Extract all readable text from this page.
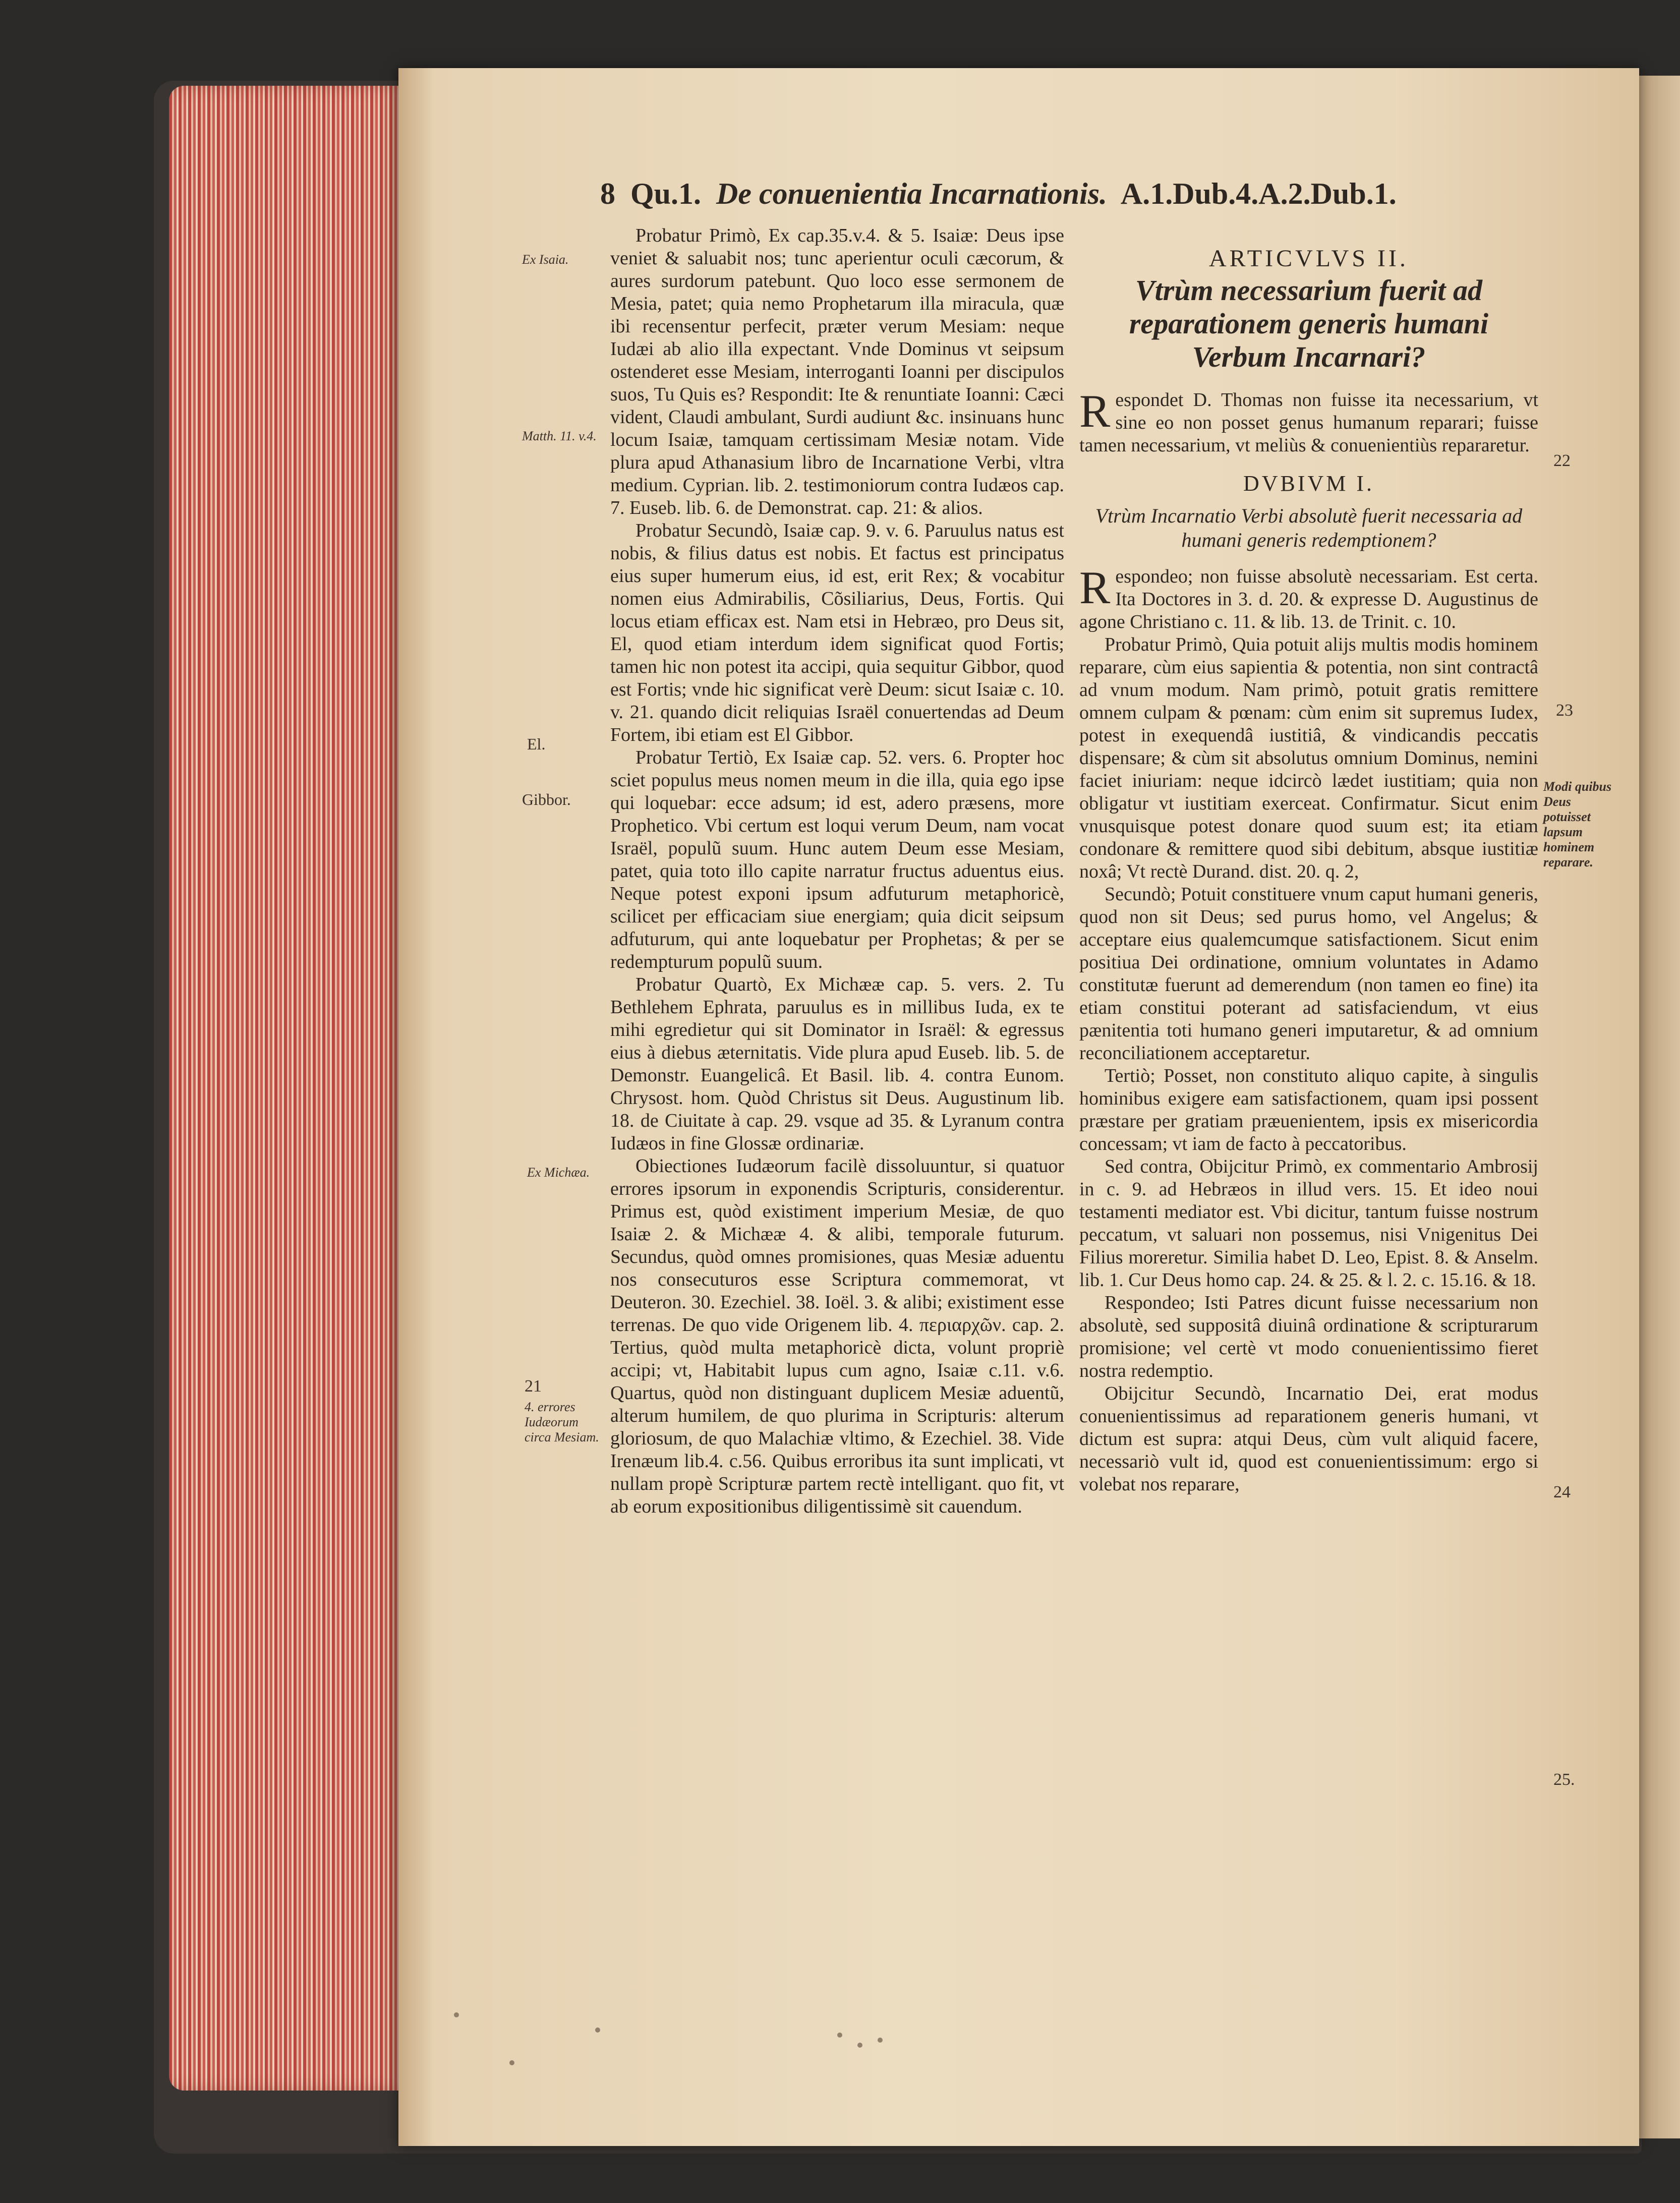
8 Qu.1. De conuenientia Incarnationis. A.1.Dub.4.A.2.Dub.1.

Probatur Primò, Ex cap.35.v.4. & 5. Isaiæ: Deus ipse veniet & saluabit nos; tunc aperientur oculi cæcorum, & aures surdorum patebunt. Quo loco esse sermonem de Mesia, patet; quia nemo Prophetarum illa miracula, quæ ibi recensentur perfecit, præter verum Mesiam: neque Iudæi ab alio illa expectant. Vnde Dominus vt seipsum ostenderet esse Mesiam, interroganti Ioanni per discipulos suos, Tu Quis es? Respondit: Ite & renuntiate Ioanni: Cæci vident, Claudi ambulant, Surdi audiunt &c. insinuans hunc locum Isaiæ, tamquam certissimam Mesiæ notam. Vide plura apud Athanasium libro de Incarnatione Verbi, vltra medium. Cyprian. lib. 2. testimoniorum contra Iudæos cap. 7. Euseb. lib. 6. de Demonstrat. cap. 21: & alios.

Probatur Secundò, Isaiæ cap. 9. v. 6. Paruulus natus est nobis, & filius datus est nobis. Et factus est principatus eius super humerum eius, id est, erit Rex; & vocabitur nomen eius Admirabilis, Cõsiliarius, Deus, Fortis. Qui locus etiam efficax est. Nam etsi in Hebræo, pro Deus sit, El, quod etiam interdum idem significat quod Fortis; tamen hic non potest ita accipi, quia sequitur Gibbor, quod est Fortis; vnde hic significat verè Deum: sicut Isaiæ c. 10. v. 21. quando dicit reliquias Israël conuertendas ad Deum Fortem, ibi etiam est El Gibbor.

Probatur Tertiò, Ex Isaiæ cap. 52. vers. 6. Propter hoc sciet populus meus nomen meum in die illa, quia ego ipse qui loquebar: ecce adsum; id est, adero præsens, more Prophetico. Vbi certum est loqui verum Deum, nam vocat Israël, populũ suum. Hunc autem Deum esse Mesiam, patet, quia toto illo capite narratur fructus aduentus eius. Neque potest exponi ipsum adfuturum metaphoricè, scilicet per efficaciam siue energiam; quia dicit seipsum adfuturum, qui ante loquebatur per Prophetas; & per se redempturum populũ suum.

Probatur Quartò, Ex Michææ cap. 5. vers. 2. Tu Bethlehem Ephrata, paruulus es in millibus Iuda, ex te mihi egredietur qui sit Dominator in Israël: & egressus eius à diebus æternitatis. Vide plura apud Euseb. lib. 5. de Demonstr. Euangelicâ. Et Basil. lib. 4. contra Eunom. Chrysost. hom. Quòd Christus sit Deus. Augustinum lib. 18. de Ciuitate à cap. 29. vsque ad 35. & Lyranum contra Iudæos in fine Glossæ ordinariæ.

Obiectiones Iudæorum facilè dissoluuntur, si quatuor errores ipsorum in exponendis Scripturis, considerentur. Primus est, quòd existiment imperium Mesiæ, de quo Isaiæ 2. & Michææ 4. & alibi, temporale futurum. Secundus, quòd omnes promisiones, quas Mesiæ aduentu nos consecuturos esse Scriptura commemorat, vt Deuteron. 30. Ezechiel. 38. Ioël. 3. & alibi; existiment esse terrenas. De quo vide Origenem lib. 4. περιαρχῶν. cap. 2. Tertius, quòd multa metaphoricè dicta, volunt propriè accipi; vt, Habitabit lupus cum agno, Isaiæ c.11. v.6. Quartus, quòd non distinguant duplicem Mesiæ aduentũ, alterum humilem, de quo plurima in Scripturis: alterum gloriosum, de quo Malachiæ vltimo, & Ezechiel. 38. Vide Irenæum lib.4. c.56. Quibus erroribus ita sunt implicati, vt nullam propè Scripturæ partem rectè intelligant. quo fit, vt ab eorum expositionibus diligentissimè sit cauendum.

Ex Isaia.
Matth. 11. v.4.
El.
Gibbor.
Ex Michæa.
21
4. errores Iudæorum circa Mesiam.
ARTICVLVS II.
Vtrùm necessarium fuerit ad reparationem generis humani Verbum Incarnari?

Respondet D. Thomas non fuisse ita necessarium, vt sine eo non posset genus humanum reparari; fuisse tamen necessarium, vt meliùs & conuenientiùs repararetur.

DVBIVM I.
Vtrùm Incarnatio Verbi absolutè fuerit necessaria ad humani generis redemptionem?

Respondeo; non fuisse absolutè necessariam. Est certa. Ita Doctores in 3. d. 20. & expresse D. Augustinus de agone Christiano c. 11. & lib. 13. de Trinit. c. 10.

Probatur Primò, Quia potuit alijs multis modis hominem reparare, cùm eius sapientia & potentia, non sint contractâ ad vnum modum. Nam primò, potuit gratis remittere omnem culpam & pœnam: cùm enim sit supremus Iudex, potest in exequendâ iustitiâ, & vindicandis peccatis dispensare; & cùm sit absolutus omnium Dominus, nemini faciet iniuriam: neque idcircò lædet iustitiam; quia non obligatur vt iustitiam exerceat. Confirmatur. Sicut enim vnusquisque potest donare quod suum est; ita etiam condonare & remittere quod sibi debitum, absque iustitiæ noxâ; Vt rectè Durand. dist. 20. q. 2,

Secundò; Potuit constituere vnum caput humani generis, quod non sit Deus; sed purus homo, vel Angelus; & acceptare eius qualemcumque satisfactionem. Sicut enim positiua Dei ordinatione, omnium voluntates in Adamo constitutæ fuerunt ad demerendum (non tamen eo fine) ita etiam constitui poterant ad satisfaciendum, vt eius pænitentia toti humano generi imputaretur, & ad omnium reconciliationem acceptaretur.

Tertiò; Posset, non constituto aliquo capite, à singulis hominibus exigere eam satisfactionem, quam ipsi possent præstare per gratiam præuenientem, ipsis ex misericordia concessam; vt iam de facto à peccatoribus.

Sed contra, Obijcitur Primò, ex commentario Ambrosij in c. 9. ad Hebræos in illud vers. 15. Et ideo noui testamenti mediator est. Vbi dicitur, tantum fuisse nostrum peccatum, vt saluari non possemus, nisi Vnigenitus Dei Filius moreretur. Similia habet D. Leo, Epist. 8. & Anselm. lib. 1. Cur Deus homo cap. 24. & 25. & l. 2. c. 15.16. & 18.

Respondeo; Isti Patres dicunt fuisse necessarium non absolutè, sed suppositâ diuinâ ordinatione & scripturarum promisione; vel certè vt modo conuenientissimo fieret nostra redemptio.

Obijcitur Secundò, Incarnatio Dei, erat modus conuenientissimus ad reparationem generis humani, vt dictum est supra: atqui Deus, cùm vult aliquid facere, necessariò vult id, quod est conuenientissimum: ergo si volebat nos reparare,

22
23
Modi quibus Deus potuisset lapsum hominem reparare.
24
25.
